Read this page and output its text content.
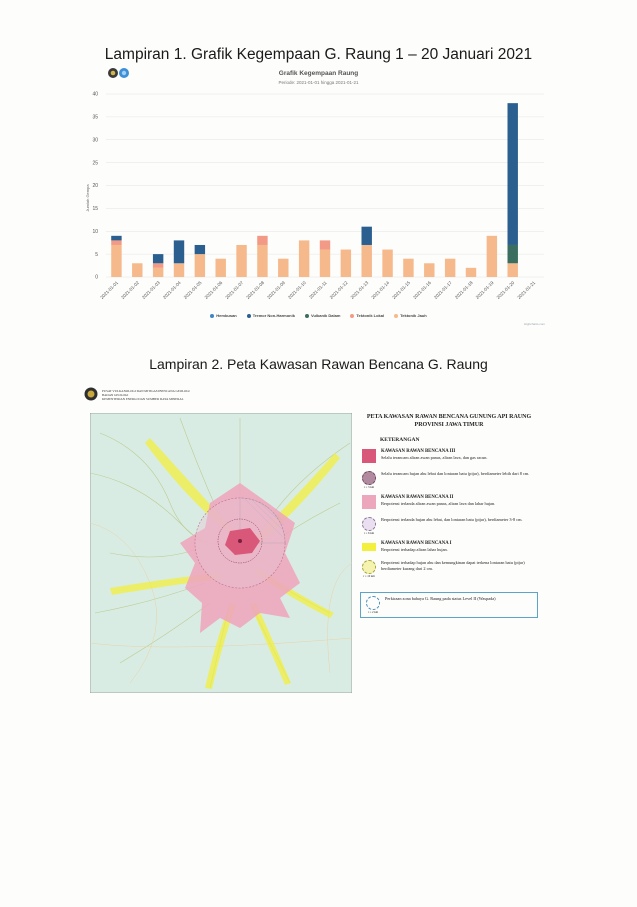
Lampiran 1. Grafik Kegempaan G. Raung 1 – 20 Januari 2021
Grafik Kegempaan Raung
Periode: 2021-01-01 hingga 2021-01-21
0
5
10
15
20
25
30
35
40
Jumlah Gempa
2021-01-01 2021-01-02 2021-01-03 2021-01-04 2021-01-05 2021-01-06 2021-01-07 2021-01-08 2021-01-09 2021-01-10 2021-01-11 2021-01-12 2021-01-13 2021-01-14 2021-01-15 2021-01-16 2021-01-17 2021-01-18 2021-01-19 2021-01-20 2021-01-21
Hembusan	Tremor Non-Harmonik	Vulkanik Dalam	Tektonik Lokal	Tektonik Jauh
Highcharts.com
Lampiran 2. Peta Kawasan Rawan Bencana G. Raung
PUSAT VULKANOLOGI DAN MITIGASI BENCANA GEOLOGI
BADAN GEOLOGI
KEMENTERIAN ENERGI DAN SUMBER DAYA MINERAL
PETA KAWASAN RAWAN BENCANA GUNUNG API RAUNG
PROVINSI JAWA TIMUR
KETERANGAN
KAWASAN RAWAN BENCANA III
Selalu terancam aliran awan panas, aliran lava, dan gas racun.
r = 3 km
Selalu terancam hujan abu lebat dan lontaran batu (pijar), berdiameter lebih dari 8 cm.
KAWASAN RAWAN BENCANA II
Berpotensi terlanda aliran awan panas, aliran lava dan lahar hujan.
r = 6 km
Berpotensi terlanda hujan abu lebat, dan lontaran batu (pijar), berdiameter 3-8 cm.
KAWASAN RAWAN BENCANA I
Berpotensi terhadap aliran lahar hujan.
r = 10 km
Berpotensi terhadap hujan abu dan kemungkinan dapat terkena lontaran batu (pijar) berdiameter kurang dari 2 cm.
r = 2 km
Perkiraan zona bahaya G. Raung pada status Level II (Waspada)
